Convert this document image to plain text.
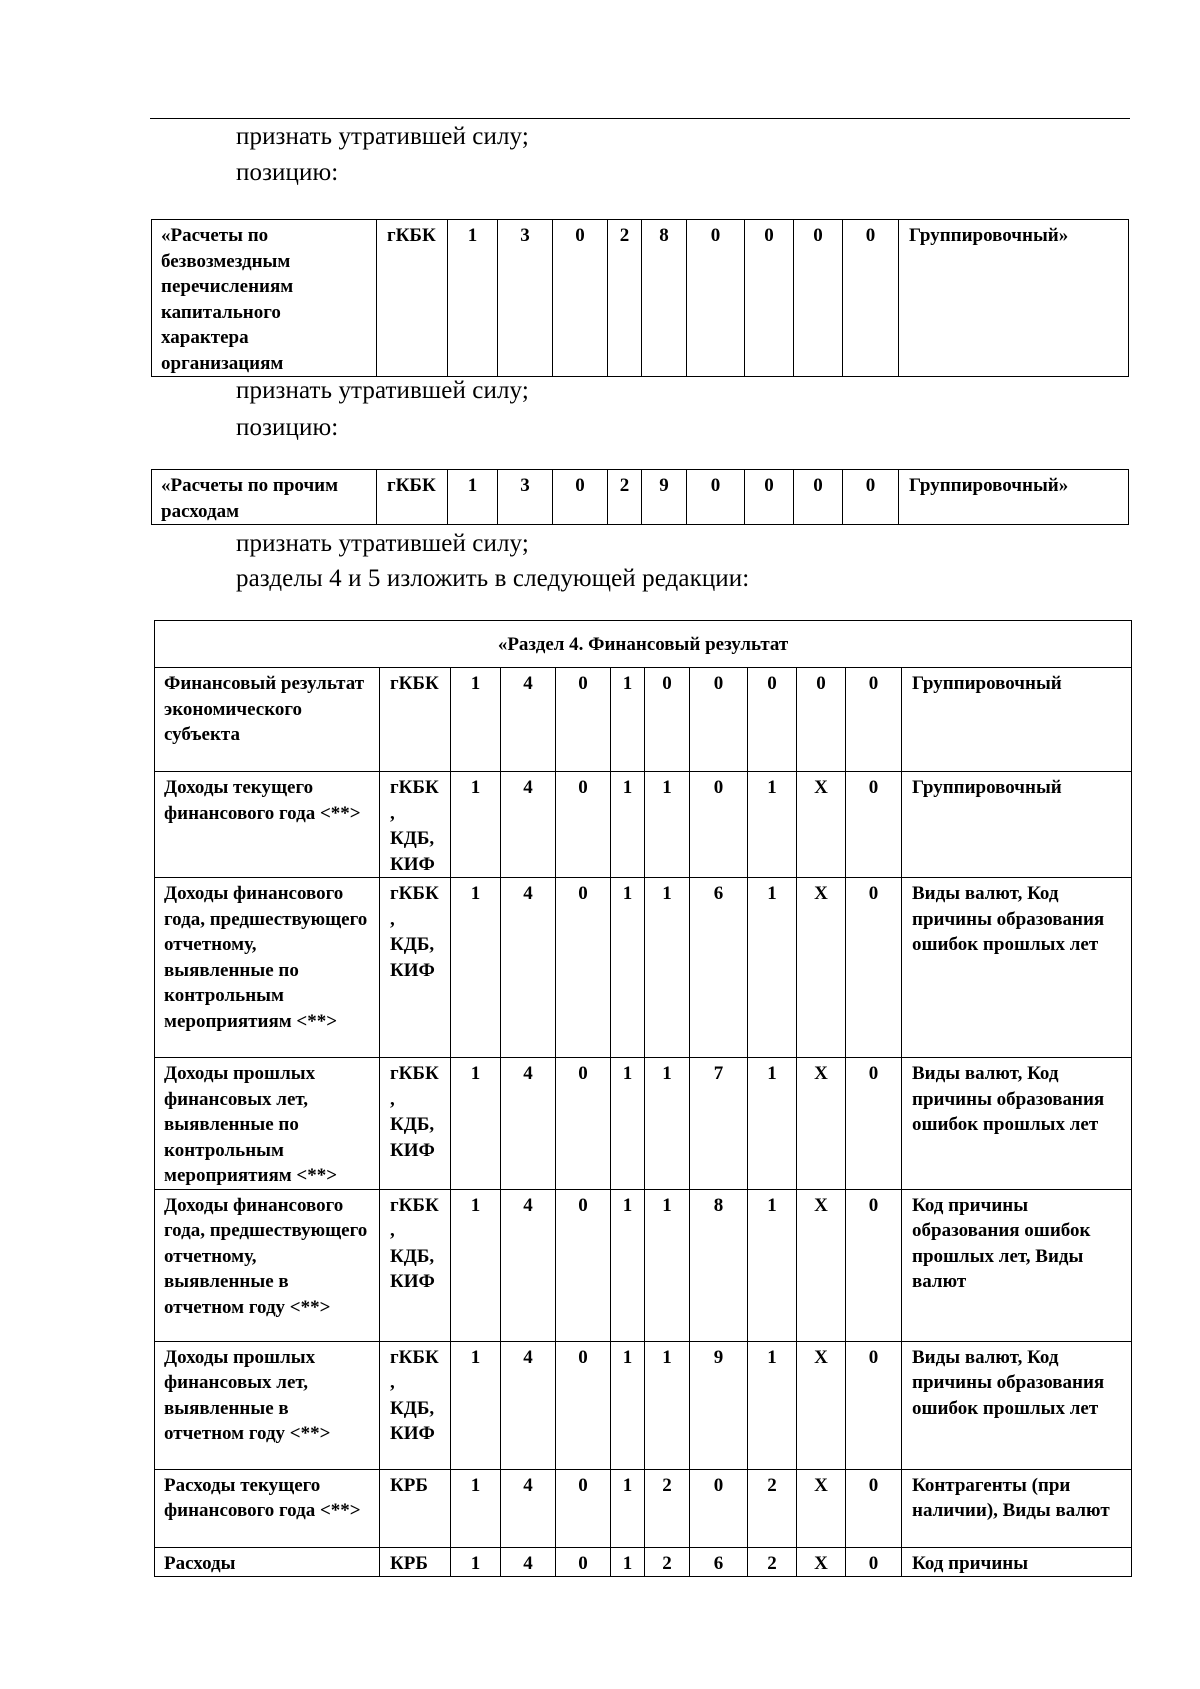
признать утратившей силу;

позицию:

«Расчеты по безвозмездным перечислениям капитального характера организациям	гКБК	1	3	0	2	8	0	0	0	0	Группировочный»

признать утратившей силу;

позицию:

«Расчеты по прочим расходам	гКБК	1	3	0	2	9	0	0	0	0	Группировочный»

признать утратившей силу;

разделы 4 и 5 изложить в следующей редакции:

«Раздел 4. Финансовый результат											
Финансовый результат экономического субъекта	гКБК	1	4	0	1	0	0	0	0	0	Группировочный
Доходы текущего финансового года <**>	гКБК
,
КДБ,
КИФ	1	4	0	1	1	0	1	X	0	Группировочный
Доходы финансового года, предшествующего отчетному, выявленные по контрольным мероприятиям <**>	гКБК
,
КДБ,
КИФ	1	4	0	1	1	6	1	X	0	Виды валют, Код причины образования ошибок прошлых лет
Доходы прошлых финансовых лет, выявленные по контрольным мероприятиям <**>	гКБК
,
КДБ,
КИФ	1	4	0	1	1	7	1	X	0	Виды валют, Код причины образования ошибок прошлых лет
Доходы финансового года, предшествующего отчетному, выявленные в отчетном году <**>	гКБК
,
КДБ,
КИФ	1	4	0	1	1	8	1	X	0	Код причины образования ошибок прошлых лет, Виды валют
Доходы прошлых финансовых лет, выявленные в отчетном году <**>	гКБК
,
КДБ,
КИФ	1	4	0	1	1	9	1	X	0	Виды валют, Код причины образования ошибок прошлых лет
Расходы текущего финансового года <**>	КРБ	1	4	0	1	2	0	2	X	0	Контрагенты (при наличии), Виды валют
Расходы	КРБ	1	4	0	1	2	6	2	X	0	Код причины
